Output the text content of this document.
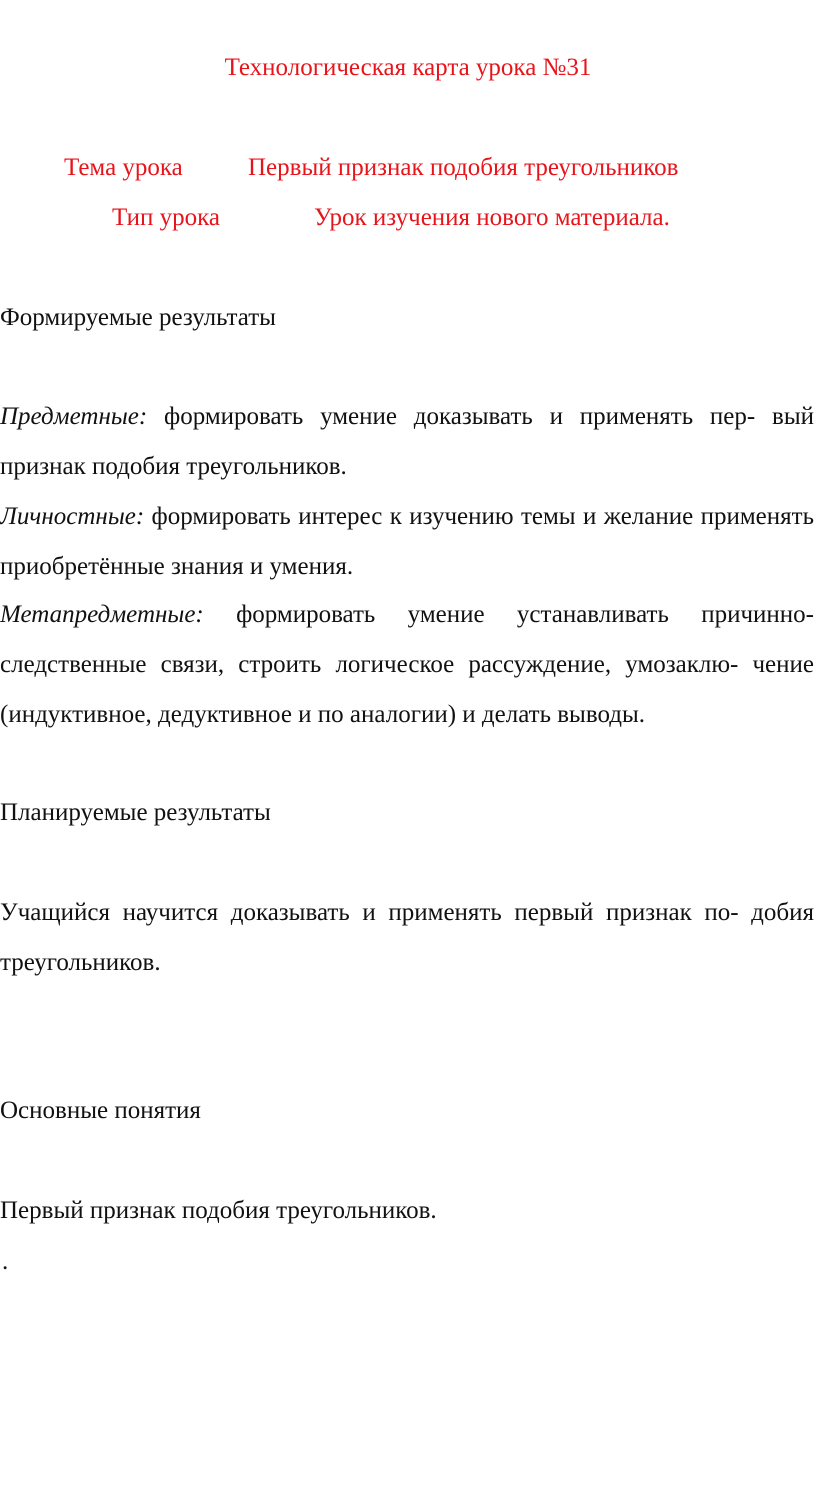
Технологическая карта урока №31
Тема урока	Первый признак подобия треугольников
Тип урока	Урок изучения нового материала.
Формируемые результаты

Предметные: формировать умение доказывать и применять пер- вый признак подобия треугольников.

Личностные: формировать интерес к изучению темы и желание применять приобретённые знания и умения.

Метапредметные: формировать умение устанавливать причинно-следственные связи, строить логическое рассуждение, умозаклю- чение (индуктивное, дедуктивное и по аналогии) и делать выводы.

Планируемые результаты

Учащийся научится доказывать и применять первый признак по- добия треугольников.

Основные понятия
Первый признак подобия треугольников.
.
